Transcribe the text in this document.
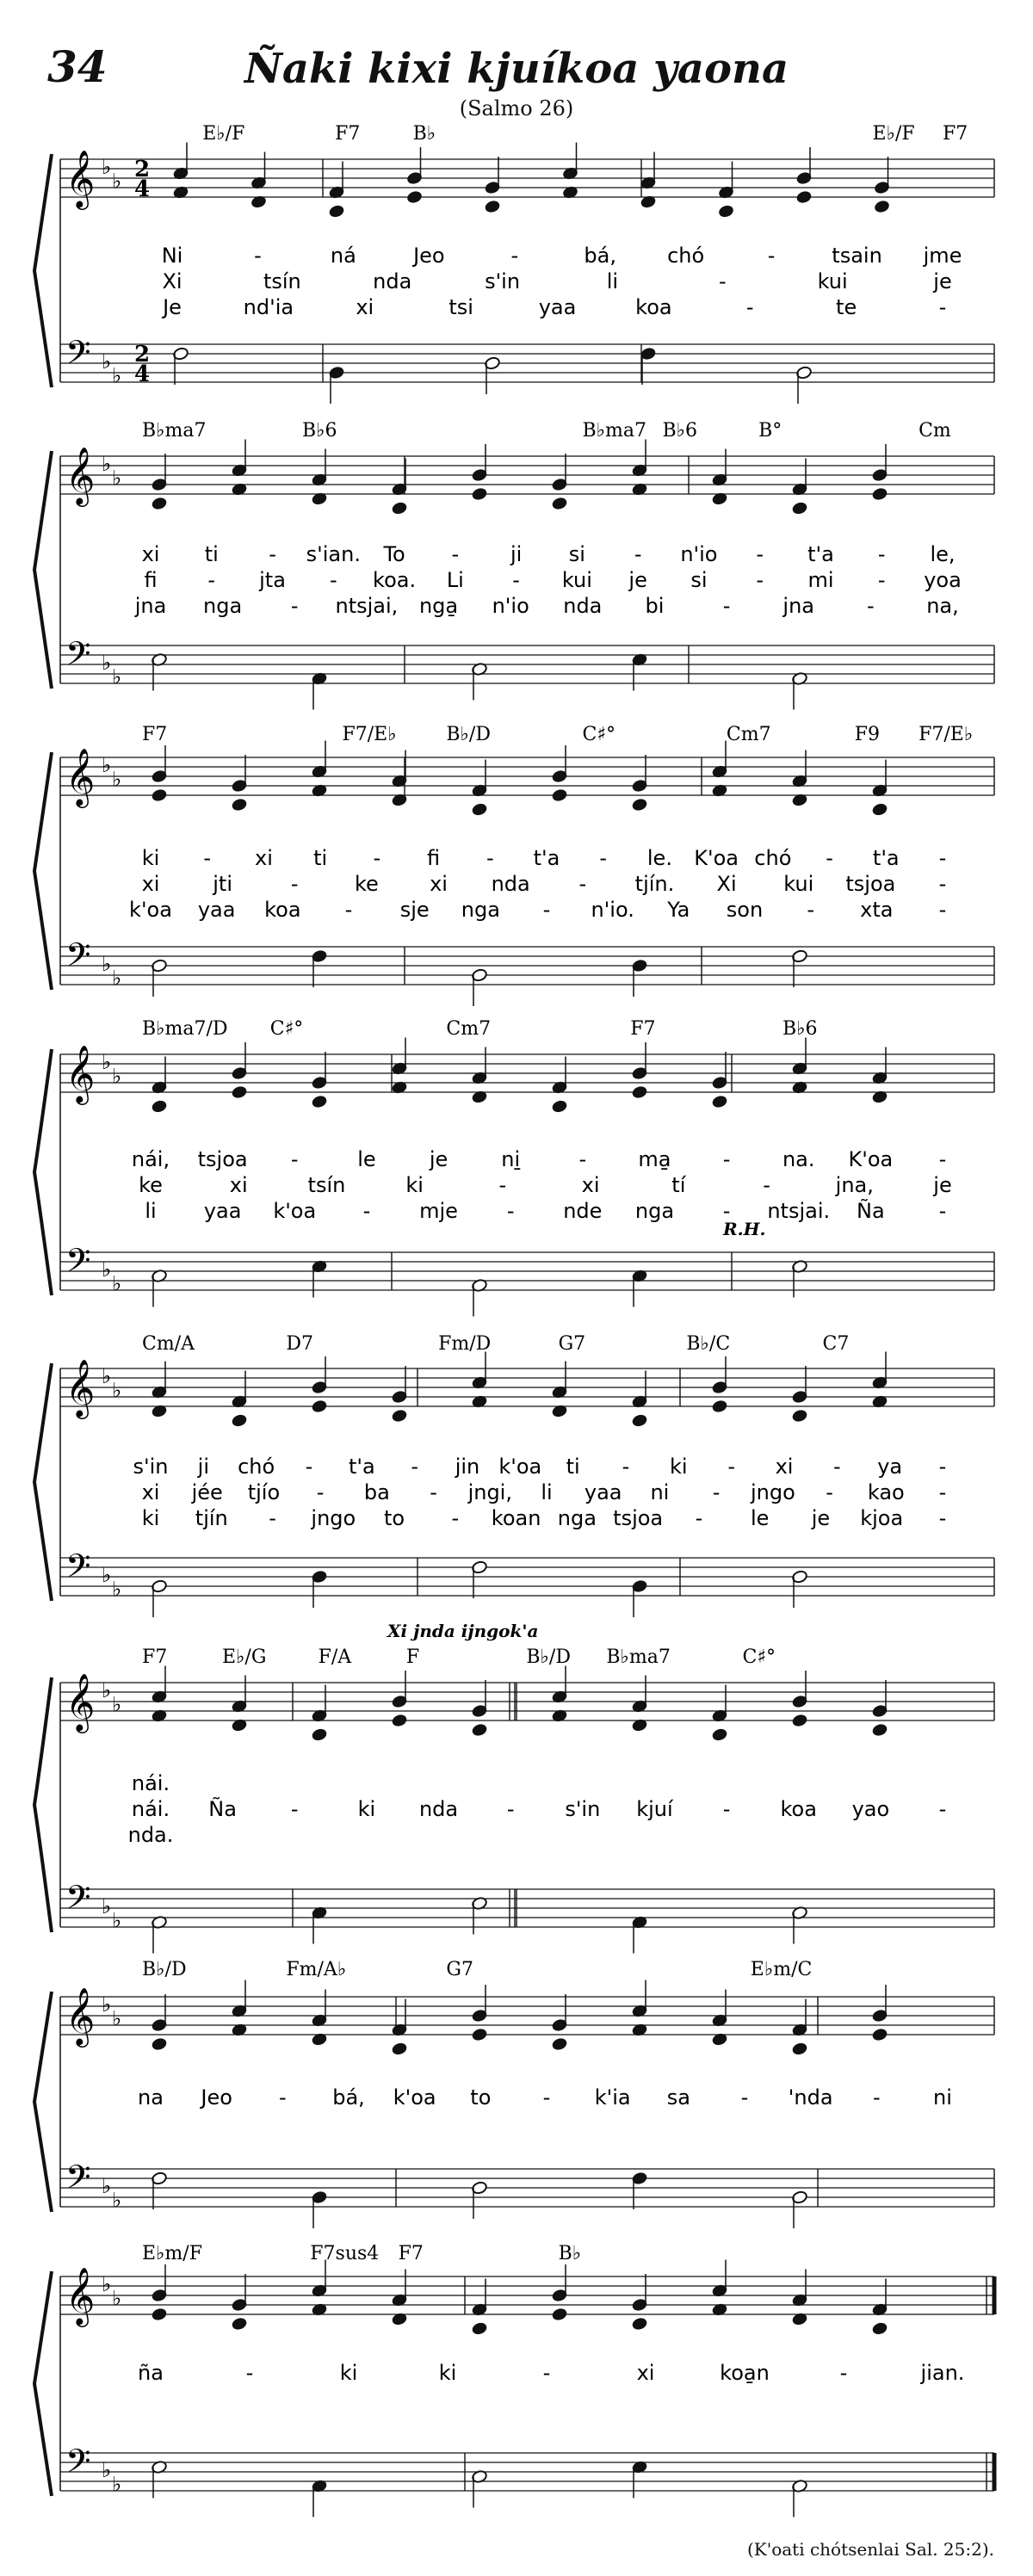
34	Ñaki kixi kjuíkoa yaona
(Salmo 26)
𝄞
𝄢
♭
♭
♭
♭
2
4
2
4
E♭/F	F7	B♭	E♭/F F7
Ni	-	ná	Jeo	-	bá, chó	-	tsain jme
Xi	tsín	nda	s'in	li	-	kui	je
Je	nd'ia	xi	tsi	yaa	koa	-	te	-
𝄞
𝄢
♭
♭
♭
♭
B♭ma7	B♭6	B♭ma7 B♭6	B°	Cm
xi ti - s'ian. To - ji si - n'io - t'a - le,
fi - jta - koa. Li - kui je si - mi - yoa
jna nga - ntsjai, nga̱ n'io nda bi	-	jna	-	na,
𝄞
𝄢
♭
♭
♭
♭
F7	F7/E♭	B♭/D	C♯°	Cm7	F9 F7/E♭
ki - xi ti - fi - t'a - le. K'oa chó - t'a -
xi	jti	-	ke xi nda - tjín. Xi kui tsjoa -
k'oa yaa koa - sje nga - n'io. Ya son - xta -
𝄞
𝄢
♭
♭
♭
♭
B♭ma7/D C♯°	Cm7	F7	B♭6
R.H.
nái, tsjoa -	le	je	ni̱	-	ma̱	-	na. K'oa -
ke	xi	tsín	ki	-	xi	tí	-	jna,	je
li yaa k'oa - mje - nde nga - ntsjai. Ña	-
𝄞
𝄢
♭
♭
♭
♭
Cm/A	D7	Fm/D	G7	B♭/C	C7
s'in ji chó - t'a - jin k'oa ti - ki - xi - ya -
xi jée tjío - ba - jngi, li yaa ni - jngo - kao -
ki tjín - jngo to - koan nga tsjoa - le je kjoa -
𝄞
𝄢
♭
♭
♭
♭
F7	E♭/G	F/A	F	B♭/D B♭ma7	C♯°
Xi jnda ijngok'a
nái.
nái. Ña	-	ki nda - s'in kjuí - koa yao -
nda.
𝄞
𝄢
♭
♭
♭
♭
B♭/D	Fm/A♭	G7	E♭m/C
na Jeo - bá, k'oa to	- k'ia sa - 'nda -	ni
𝄞
𝄢
♭
♭
♭
♭
E♭m/F	F7sus4 F7	B♭
ña	-	ki	ki	-	xi	koa̱n	-	jian.
(K'oati chótsenlai Sal. 25:2).
